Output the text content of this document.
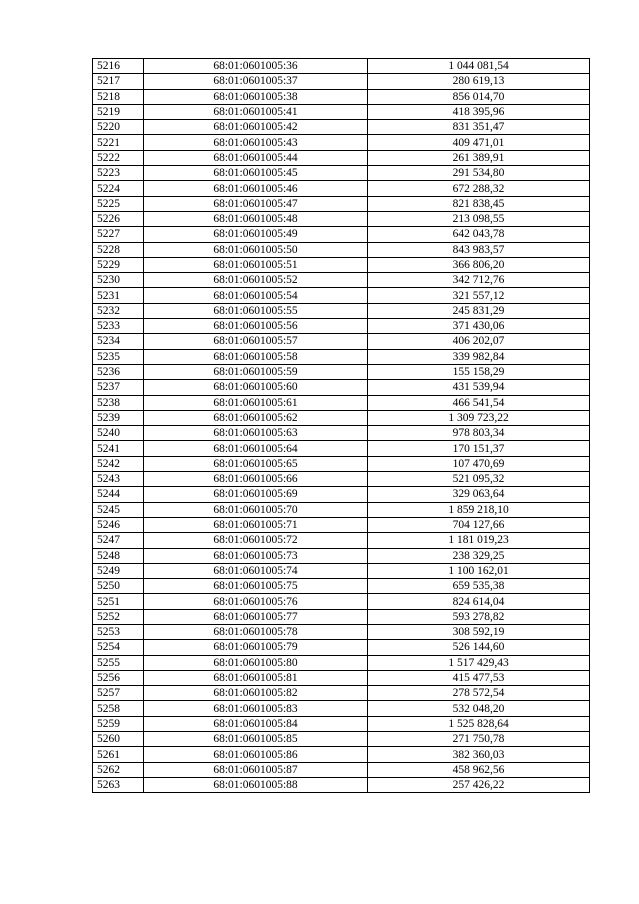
5216	68:01:0601005:36	1 044 081,54
5217	68:01:0601005:37	280 619,13
5218	68:01:0601005:38	856 014,70
5219	68:01:0601005:41	418 395,96
5220	68:01:0601005:42	831 351,47
5221	68:01:0601005:43	409 471,01
5222	68:01:0601005:44	261 389,91
5223	68:01:0601005:45	291 534,80
5224	68:01:0601005:46	672 288,32
5225	68:01:0601005:47	821 838,45
5226	68:01:0601005:48	213 098,55
5227	68:01:0601005:49	642 043,78
5228	68:01:0601005:50	843 983,57
5229	68:01:0601005:51	366 806,20
5230	68:01:0601005:52	342 712,76
5231	68:01:0601005:54	321 557,12
5232	68:01:0601005:55	245 831,29
5233	68:01:0601005:56	371 430,06
5234	68:01:0601005:57	406 202,07
5235	68:01:0601005:58	339 982,84
5236	68:01:0601005:59	155 158,29
5237	68:01:0601005:60	431 539,94
5238	68:01:0601005:61	466 541,54
5239	68:01:0601005:62	1 309 723,22
5240	68:01:0601005:63	978 803,34
5241	68:01:0601005:64	170 151,37
5242	68:01:0601005:65	107 470,69
5243	68:01:0601005:66	521 095,32
5244	68:01:0601005:69	329 063,64
5245	68:01:0601005:70	1 859 218,10
5246	68:01:0601005:71	704 127,66
5247	68:01:0601005:72	1 181 019,23
5248	68:01:0601005:73	238 329,25
5249	68:01:0601005:74	1 100 162,01
5250	68:01:0601005:75	659 535,38
5251	68:01:0601005:76	824 614,04
5252	68:01:0601005:77	593 278,82
5253	68:01:0601005:78	308 592,19
5254	68:01:0601005:79	526 144,60
5255	68:01:0601005:80	1 517 429,43
5256	68:01:0601005:81	415 477,53
5257	68:01:0601005:82	278 572,54
5258	68:01:0601005:83	532 048,20
5259	68:01:0601005:84	1 525 828,64
5260	68:01:0601005:85	271 750,78
5261	68:01:0601005:86	382 360,03
5262	68:01:0601005:87	458 962,56
5263	68:01:0601005:88	257 426,22
